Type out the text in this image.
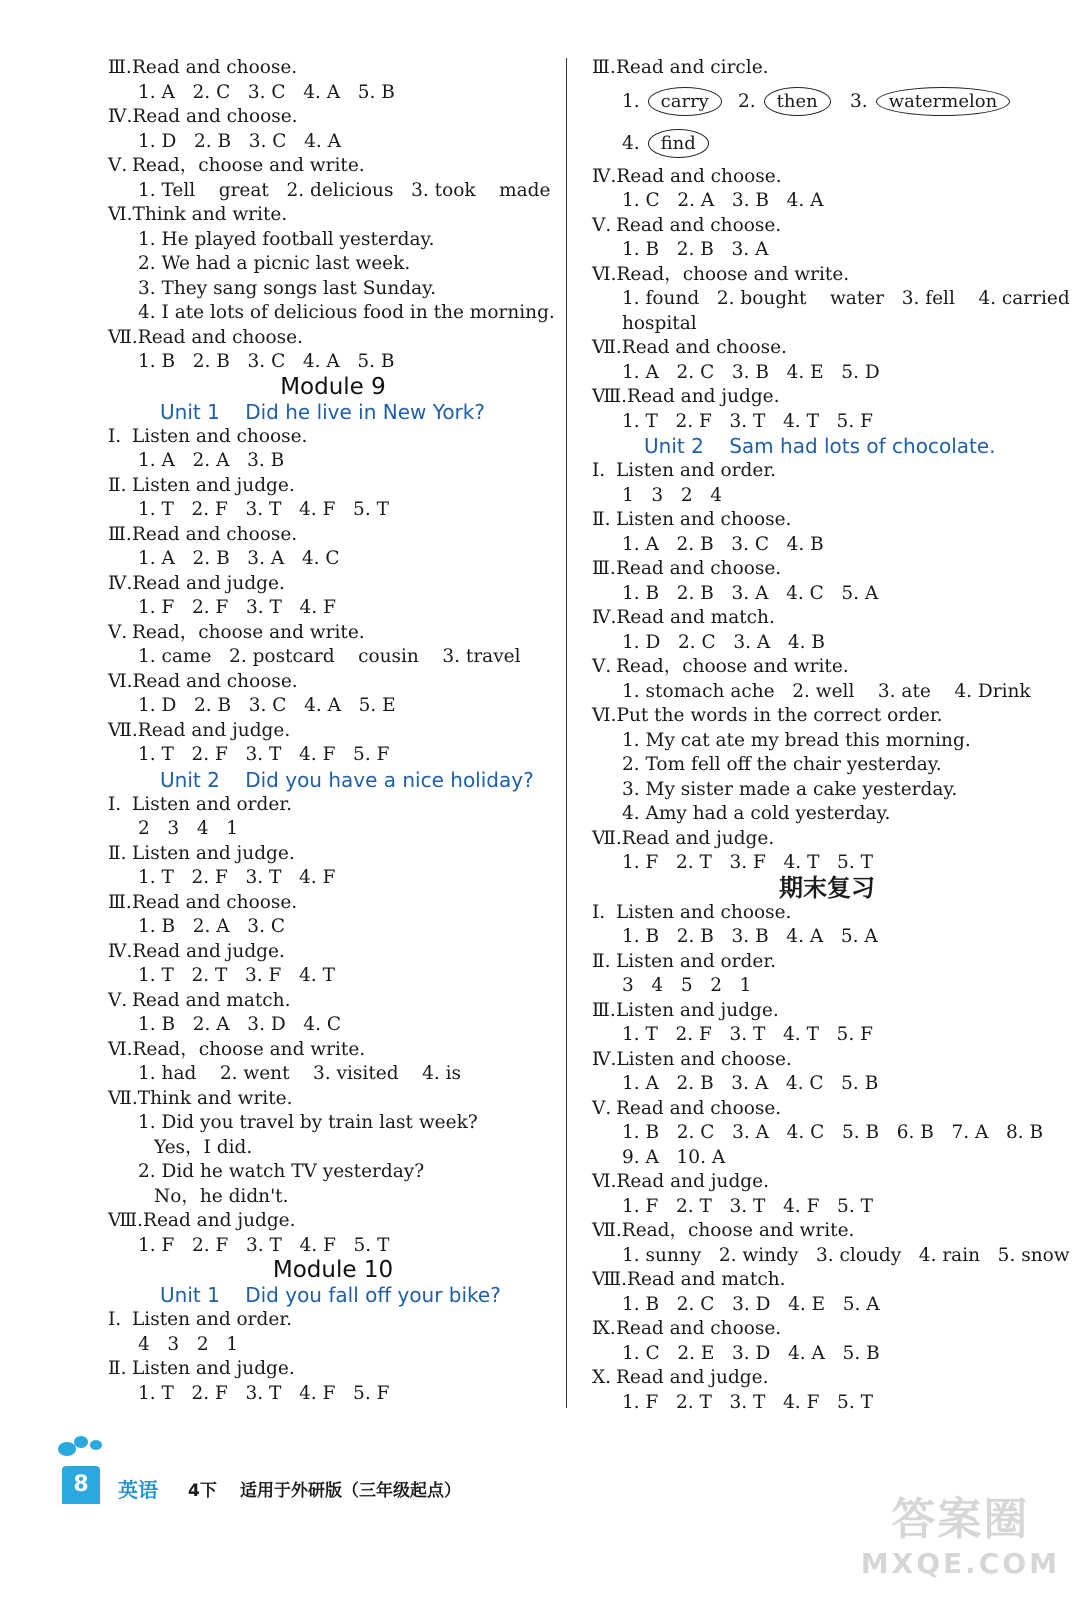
Ⅲ.Read and choose.
1. A   2. C   3. C   4. A   5. B
Ⅳ.Read and choose.
1. D   2. B   3. C   4. A
Ⅴ. Read，choose and write.
1. Tell    great   2. delicious   3. took    made
Ⅵ.Think and write.
1. He played football yesterday.
2. We had a picnic last week.
3. They sang songs last Sunday.
4. I ate lots of delicious food in the morning.
Ⅶ.Read and choose.
1. B   2. B   3. C   4. A   5. B
Module 9
Unit 1    Did he live in New York?
Ⅰ. Listen and choose.
1. A   2. A   3. B
Ⅱ. Listen and judge.
1. T   2. F   3. T   4. F   5. T
Ⅲ.Read and choose.
1. A   2. B   3. A   4. C
Ⅳ.Read and judge.
1. F   2. F   3. T   4. F
Ⅴ. Read，choose and write.
1. came   2. postcard    cousin    3. travel
Ⅵ.Read and choose.
1. D   2. B   3. C   4. A   5. E
Ⅶ.Read and judge.
1. T   2. F   3. T   4. F   5. F
Unit 2    Did you have a nice holiday?
Ⅰ. Listen and order.
2   3   4   1
Ⅱ. Listen and judge.
1. T   2. F   3. T   4. F
Ⅲ.Read and choose.
1. B   2. A   3. C
Ⅳ.Read and judge.
1. T   2. T   3. F   4. T
Ⅴ. Read and match.
1. B   2. A   3. D   4. C
Ⅵ.Read，choose and write.
1. had    2. went    3. visited    4. is
Ⅶ.Think and write.
1. Did you travel by train last week?
Yes，I did.
2. Did he watch TV yesterday?
No，he didn't.
Ⅷ.Read and judge.
1. F   2. F   3. T   4. F   5. T
Module 10
Unit 1    Did you fall off your bike?
Ⅰ. Listen and order.
4   3   2   1
Ⅱ. Listen and judge.
1. T   2. F   3. T   4. F   5. F
Ⅲ.Read and circle.
1. carry	2. then	3. watermelon
4. find
Ⅳ.Read and choose.
1. C   2. A   3. B   4. A
Ⅴ. Read and choose.
1. B   2. B   3. A
Ⅵ.Read，choose and write.
1. found   2. bought    water   3. fell    4. carried
hospital
Ⅶ.Read and choose.
1. A   2. C   3. B   4. E   5. D
Ⅷ.Read and judge.
1. T   2. F   3. T   4. T   5. F
Unit 2    Sam had lots of chocolate.
Ⅰ. Listen and order.
1   3   2   4
Ⅱ. Listen and choose.
1. A   2. B   3. C   4. B
Ⅲ.Read and choose.
1. B   2. B   3. A   4. C   5. A
Ⅳ.Read and match.
1. D   2. C   3. A   4. B
Ⅴ. Read，choose and write.
1. stomach ache   2. well    3. ate    4. Drink
Ⅵ.Put the words in the correct order.
1. My cat ate my bread this morning.
2. Tom fell off the chair yesterday.
3. My sister made a cake yesterday.
4. Amy had a cold yesterday.
Ⅶ.Read and judge.
1. F   2. T   3. F   4. T   5. T
期末复习
Ⅰ. Listen and choose.
1. B   2. B   3. B   4. A   5. A
Ⅱ. Listen and order.
3   4   5   2   1
Ⅲ.Listen and judge.
1. T   2. F   3. T   4. T   5. F
Ⅳ.Listen and choose.
1. A   2. B   3. A   4. C   5. B
Ⅴ. Read and choose.
1. B   2. C   3. A   4. C   5. B   6. B   7. A   8. B
9. A   10. A
Ⅵ.Read and judge.
1. F   2. T   3. T   4. F   5. T
Ⅶ.Read，choose and write.
1. sunny   2. windy   3. cloudy   4. rain   5. snow
Ⅷ.Read and match.
1. B   2. C   3. D   4. E   5. A
Ⅸ.Read and choose.
1. C   2. E   3. D   4. A   5. B
Ⅹ. Read and judge.
1. F   2. T   3. T   4. F   5. T
8	英语 4下 适用于外研版（三年级起点）
答案圈
MXQE.COM
